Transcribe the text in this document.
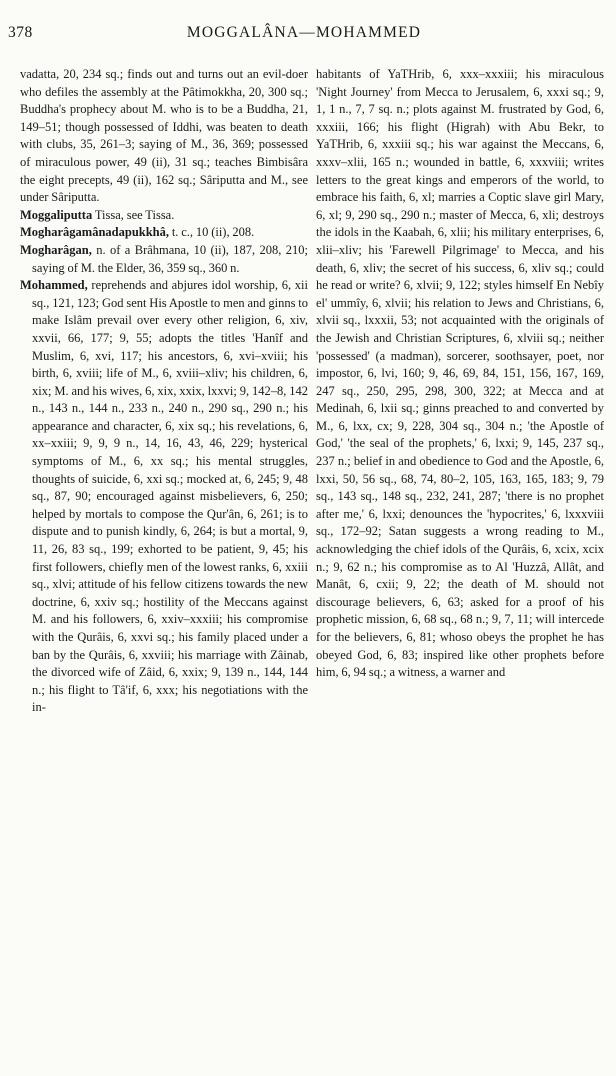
378	MOGGALÂNA—MOHAMMED

vadatta, 20, 234 sq.; finds out and turns out an evil-doer who defiles the assembly at the Pâtimokkha, 20, 300 sq.; Buddha's prophecy about M. who is to be a Buddha, 21, 149–51; though possessed of Iddhi, was beaten to death with clubs, 35, 261–3; saying of M., 36, 369; possessed of miraculous power, 49 (ii), 31 sq.; teaches Bimbisâra the eight precepts, 49 (ii), 162 sq.; Sâriputta and M., see under Sâriputta.

Moggaliputta Tissa, see Tissa.

Mogharâgamânadapukkhâ, t. c., 10 (ii), 208.

Mogharâgan, n. of a Brâhmana, 10 (ii), 187, 208, 210; saying of M. the Elder, 36, 359 sq., 360 n.

Mohammed, reprehends and abjures idol worship, 6, xii sq., 121, 123; God sent His Apostle to men and ginns to make Islâm prevail over every other religion, 6, xiv, xxvii, 66, 177; 9, 55; adopts the titles 'Hanîf and Muslim, 6, xvi, 117; his ancestors, 6, xvi–xviii; his birth, 6, xviii; life of M., 6, xviii–xliv; his children, 6, xix; M. and his wives, 6, xix, xxix, lxxvi; 9, 142–8, 142 n., 143 n., 144 n., 233 n., 240 n., 290 sq., 290 n.; his appearance and character, 6, xix sq.; his revelations, 6, xx–xxiii; 9, 9, 9 n., 14, 16, 43, 46, 229; hysterical symptoms of M., 6, xx sq.; his mental struggles, thoughts of suicide, 6, xxi sq.; mocked at, 6, 245; 9, 48 sq., 87, 90; encouraged against misbelievers, 6, 250; helped by mortals to compose the Qur'ân, 6, 261; is to dispute and to punish kindly, 6, 264; is but a mortal, 9, 11, 26, 83 sq., 199; exhorted to be patient, 9, 45; his first followers, chiefly men of the lowest ranks, 6, xxiii sq., xlvi; attitude of his fellow citizens towards the new doctrine, 6, xxiv sq.; hostility of the Meccans against M. and his followers, 6, xxiv–xxxiii; his compromise with the Qurâis, 6, xxvi sq.; his family placed under a ban by the Qurâis, 6, xxviii; his marriage with Zâinab, the divorced wife of Zâid, 6, xxix; 9, 139 n., 144, 144 n.; his flight to Tâ'if, 6, xxx; his negotiations with the in-

habitants of YaTHrib, 6, xxx–xxxiii; his miraculous 'Night Journey' from Mecca to Jerusalem, 6, xxxi sq.; 9, 1, 1 n., 7, 7 sq. n.; plots against M. frustrated by God, 6, xxxiii, 166; his flight (Higrah) with Abu Bekr, to YaTHrib, 6, xxxiii sq.; his war against the Meccans, 6, xxxv–xlii, 165 n.; wounded in battle, 6, xxxviii; writes letters to the great kings and emperors of the world, to embrace his faith, 6, xl; marries a Coptic slave girl Mary, 6, xl; 9, 290 sq., 290 n.; master of Mecca, 6, xli; destroys the idols in the Kaabah, 6, xlii; his military enterprises, 6, xlii–xliv; his 'Farewell Pilgrimage' to Mecca, and his death, 6, xliv; the secret of his success, 6, xliv sq.; could he read or write? 6, xlvii; 9, 122; styles himself En Nebîy el' ummîy, 6, xlvii; his relation to Jews and Christians, 6, xlvii sq., lxxxii, 53; not acquainted with the originals of the Jewish and Christian Scriptures, 6, xlviii sq.; neither 'possessed' (a madman), sorcerer, soothsayer, poet, nor impostor, 6, lvi, 160; 9, 46, 69, 84, 151, 156, 167, 169, 247 sq., 250, 295, 298, 300, 322; at Mecca and at Medinah, 6, lxii sq.; ginns preached to and converted by M., 6, lxx, cx; 9, 228, 304 sq., 304 n.; 'the Apostle of God,' 'the seal of the prophets,' 6, lxxi; 9, 145, 237 sq., 237 n.; belief in and obedience to God and the Apostle, 6, lxxi, 50, 56 sq., 68, 74, 80–2, 105, 163, 165, 183; 9, 79 sq., 143 sq., 148 sq., 232, 241, 287; 'there is no prophet after me,' 6, lxxi; denounces the 'hypocrites,' 6, lxxxviii sq., 172–92; Satan suggests a wrong reading to M., acknowledging the chief idols of the Qurâis, 6, xcix, xcix n.; 9, 62 n.; his compromise as to Al 'Huzzâ, Allât, and Manât, 6, cxii; 9, 22; the death of M. should not discourage believers, 6, 63; asked for a proof of his prophetic mission, 6, 68 sq., 68 n.; 9, 7, 11; will intercede for the believers, 6, 81; whoso obeys the prophet he has obeyed God, 6, 83; inspired like other prophets before him, 6, 94 sq.; a witness, a warner and
